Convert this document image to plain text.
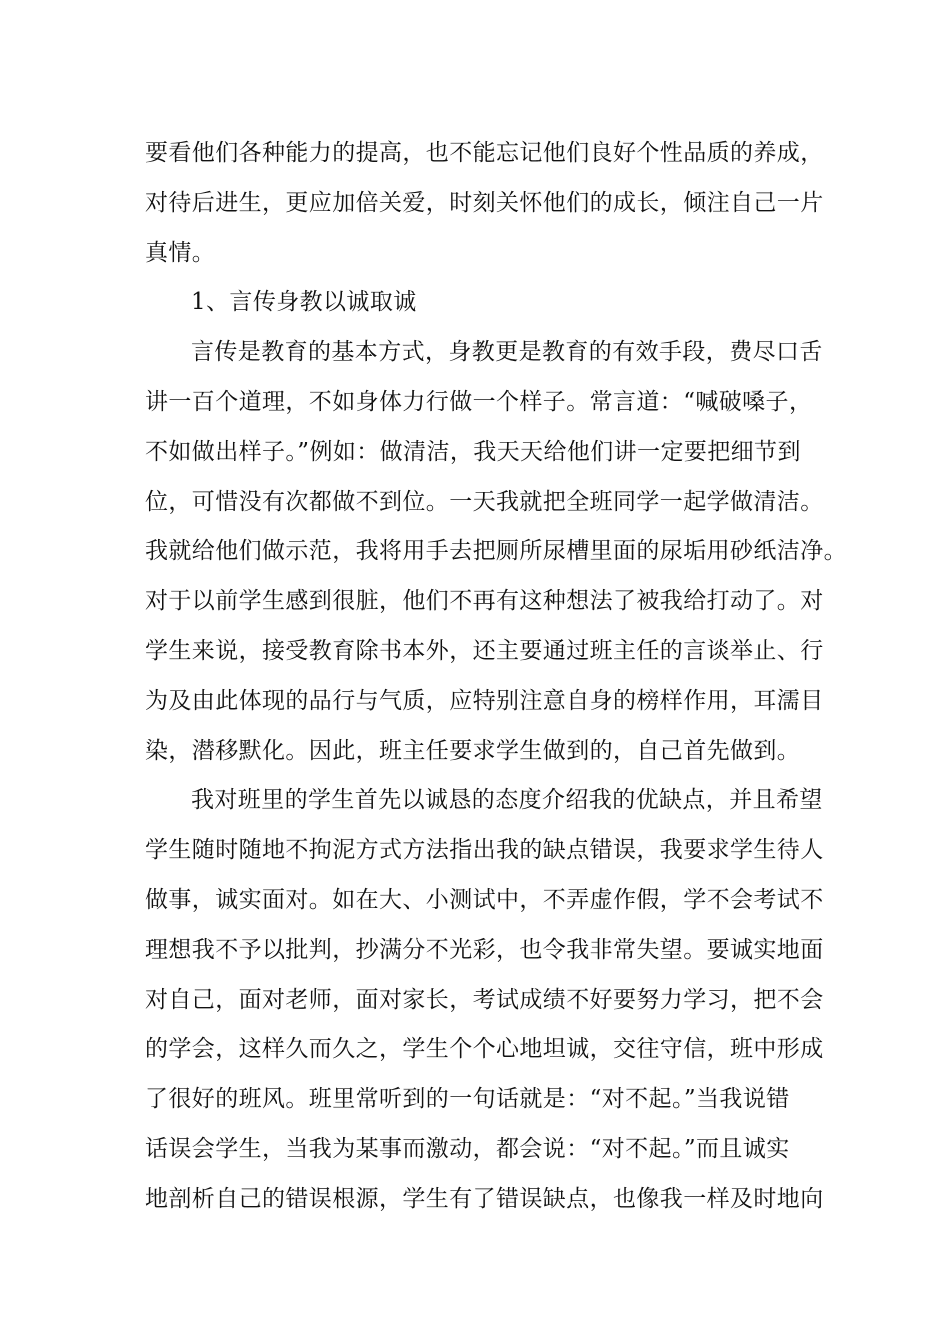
要看他们各种能力的提高，也不能忘记他们良好个性品质的养成，
对待后进生，更应加倍关爱，时刻关怀他们的成长，倾注自己一片
真情。
1、言传身教以诚取诚
言传是教育的基本方式，身教更是教育的有效手段，费尽口舌
讲一百个道理，不如身体力行做一个样子。常言道：“喊破嗓子，
不如做出样子。”例如：做清洁，我天天给他们讲一定要把细节到
位，可惜没有次都做不到位。一天我就把全班同学一起学做清洁。
我就给他们做示范，我将用手去把厕所尿槽里面的尿垢用砂纸洁净。
对于以前学生感到很脏，他们不再有这种想法了被我给打动了。对
学生来说，接受教育除书本外，还主要通过班主任的言谈举止、行
为及由此体现的品行与气质，应特别注意自身的榜样作用，耳濡目
染，潜移默化。因此，班主任要求学生做到的，自己首先做到。
我对班里的学生首先以诚恳的态度介绍我的优缺点，并且希望
学生随时随地不拘泥方式方法指出我的缺点错误，我要求学生待人
做事，诚实面对。如在大、小测试中，不弄虚作假，学不会考试不
理想我不予以批判，抄满分不光彩，也令我非常失望。要诚实地面
对自己，面对老师，面对家长，考试成绩不好要努力学习，把不会
的学会，这样久而久之，学生个个心地坦诚，交往守信，班中形成
了很好的班风。班里常听到的一句话就是：“对不起。”当我说错
话误会学生，当我为某事而激动，都会说：“对不起。”而且诚实
地剖析自己的错误根源，学生有了错误缺点，也像我一样及时地向
